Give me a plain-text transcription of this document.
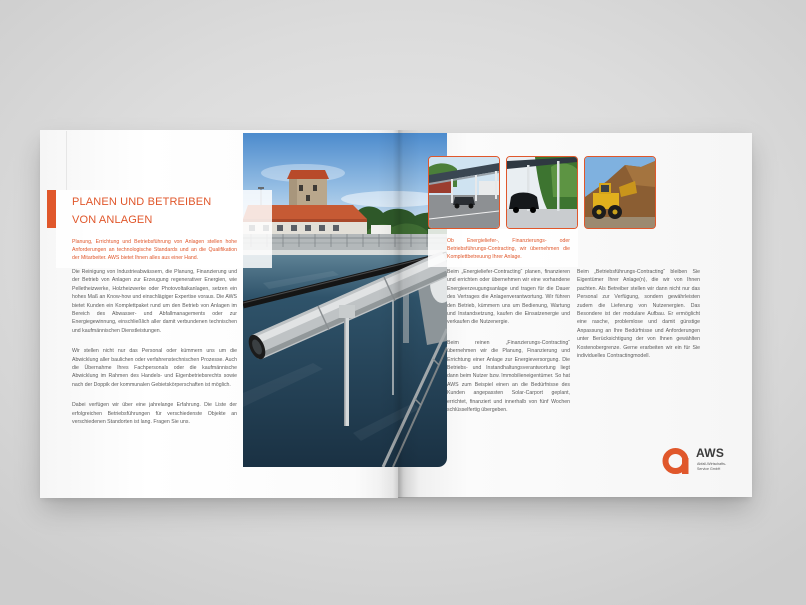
PLANEN UND BETREIBEN
VON ANLAGEN
Planung, Errichtung und Betriebsführung von Anlagen stellen hohe Anforderungen an technologische Standards und an die Qualifikation der Mitarbeiter. AWS bietet Ihnen alles aus einer Hand.

Die Reinigung von Industrieabwässern, die Planung, Finanzierung und der Betrieb von Anlagen zur Erzeugung regenerativer Energien, wie Pelletheizwerke, Holzheizwerke oder Photovoltaikanlagen, setzen ein hohes Maß an Know-how und einschlägiger Expertise voraus. Die AWS bietet Kunden ein Komplettpaket rund um den Betrieb von Anlagen im Bereich des Abwasser- und Abfallmanagements oder zur Energiegewinnung, einschließlich aller damit verbundenen technischen und kaufmännischen Dienstleistungen.

Wir stellen nicht nur das Personal oder kümmern uns um die Abwicklung aller baulichen oder verfahrenstechnischen Prozesse. Auch die Übernahme Ihres Fachpersonals oder die kaufmännische Abwicklung im Rahmen des Handels- und Eigenbetriebsrechts sowie nach der Doppik der kommunalen Gebietskörperschaften ist möglich.

Dabei verfügen wir über eine jahrelange Erfahrung. Die Liste der erfolgreichen Betriebsführungen für verschiedenste Objekte an verschiedenen Standorten ist lang. Fragen Sie uns.

Ob Energieliefer-, Finanzierungs- oder Betriebsführungs-Contracting, wir übernehmen die Komplettbetreuung Ihrer Anlage.

Beim „Energieliefer-Contracting“ planen, finanzieren und errichten oder übernehmen wir eine vorhandene Energieerzeugungsanlage und tragen für die Dauer des Vertrages die Anlagenverantwortung. Wir führen den Betrieb, kümmern uns um Bedienung, Wartung und Instandsetzung, kaufen die Einsatzenergie und verkaufen die Nutzenergie.

Beim reinen „Finanzierungs-Contracting“ übernehmen wir die Planung, Finanzierung und Errichtung einer Anlage zur Energieversorgung. Die Betriebs- und Instandhaltungsverantwortung liegt dann beim Nutzer bzw. Immobilieneigentümer. So hat AWS zum Beispiel einen an die Bedürfnisse des Kunden angepassten Solar-Carport geplant, errichtet, finanziert und innerhalb von fünf Wochen schlüsselfertig übergeben.

Beim „Betriebsführungs-Contracting“ bleiben Sie Eigentümer Ihrer Anlage(n), die wir von Ihnen pachten. Als Betreiber stellen wir dann nicht nur das Personal zur Verfügung, sondern gewährleisten zudem die Lieferung von Nutzenergien. Das Besondere ist der modulare Aufbau. Er ermöglicht eine rasche, problemlose und damit günstige Anpassung an Ihre Bedürfnisse und Anforderungen unter Berücksichtigung der von Ihnen gewählten Kostenobergrenze. Gerne erarbeiten wir ein für Sie individuelles Contractingmodell.

AWS
Abfall-Wirtschafts-
Service GmbH
